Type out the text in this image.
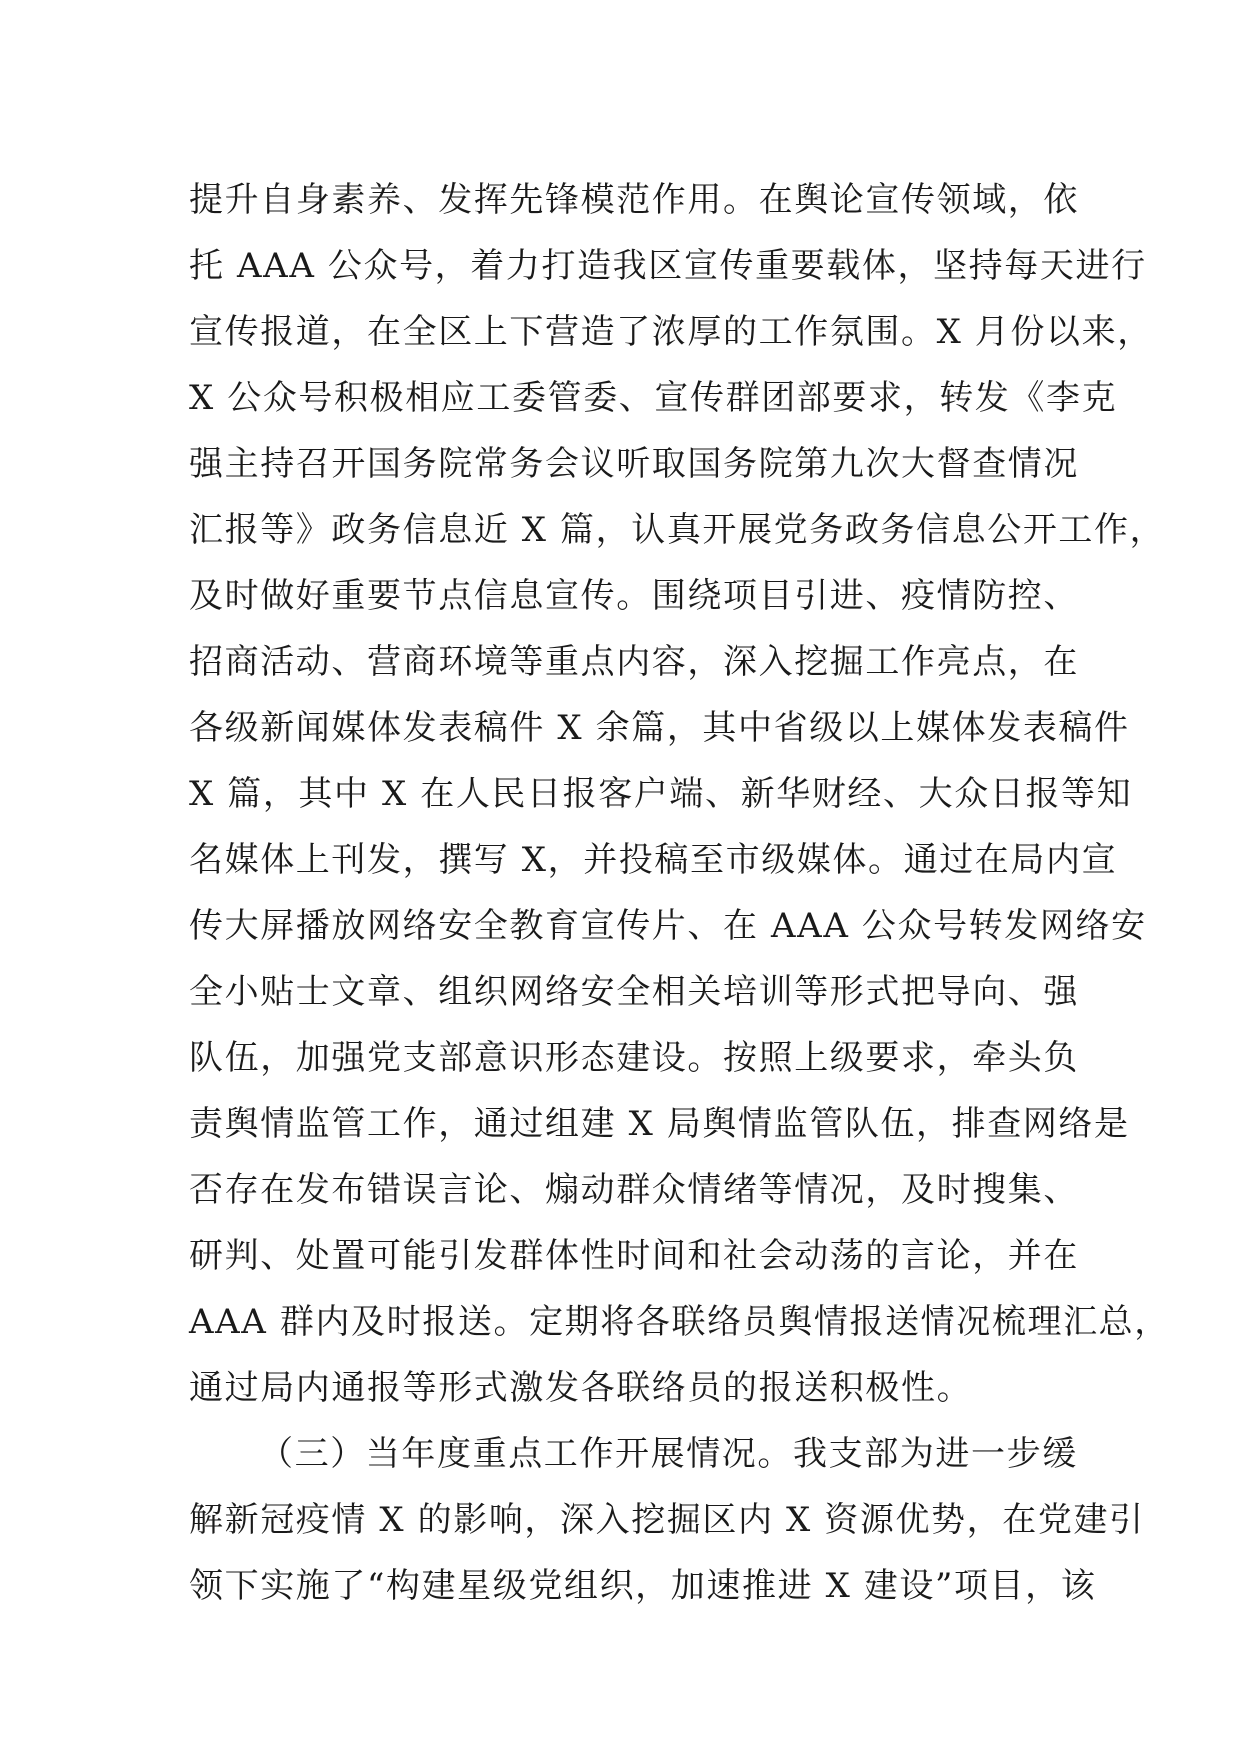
提升自身素养、发挥先锋模范作用。在舆论宣传领域，依
托 AAA 公众号，着力打造我区宣传重要载体，坚持每天进行
宣传报道，在全区上下营造了浓厚的工作氛围。X 月份以来，
X 公众号积极相应工委管委、宣传群团部要求，转发《李克
强主持召开国务院常务会议听取国务院第九次大督查情况
汇报等》政务信息近 X 篇，认真开展党务政务信息公开工作，
及时做好重要节点信息宣传。围绕项目引进、疫情防控、
招商活动、营商环境等重点内容，深入挖掘工作亮点，在
各级新闻媒体发表稿件 X 余篇，其中省级以上媒体发表稿件
X 篇，其中 X 在人民日报客户端、新华财经、大众日报等知
名媒体上刊发，撰写 X，并投稿至市级媒体。通过在局内宣
传大屏播放网络安全教育宣传片、在 AAA 公众号转发网络安
全小贴士文章、组织网络安全相关培训等形式把导向、强
队伍，加强党支部意识形态建设。按照上级要求，牵头负
责舆情监管工作，通过组建 X 局舆情监管队伍，排查网络是
否存在发布错误言论、煽动群众情绪等情况，及时搜集、
研判、处置可能引发群体性时间和社会动荡的言论，并在
AAA 群内及时报送。定期将各联络员舆情报送情况梳理汇总，
通过局内通报等形式激发各联络员的报送积极性。
（三）当年度重点工作开展情况。我支部为进一步缓
解新冠疫情 X 的影响，深入挖掘区内 X 资源优势，在党建引
领下实施了“构建星级党组织，加速推进 X 建设”项目，该
